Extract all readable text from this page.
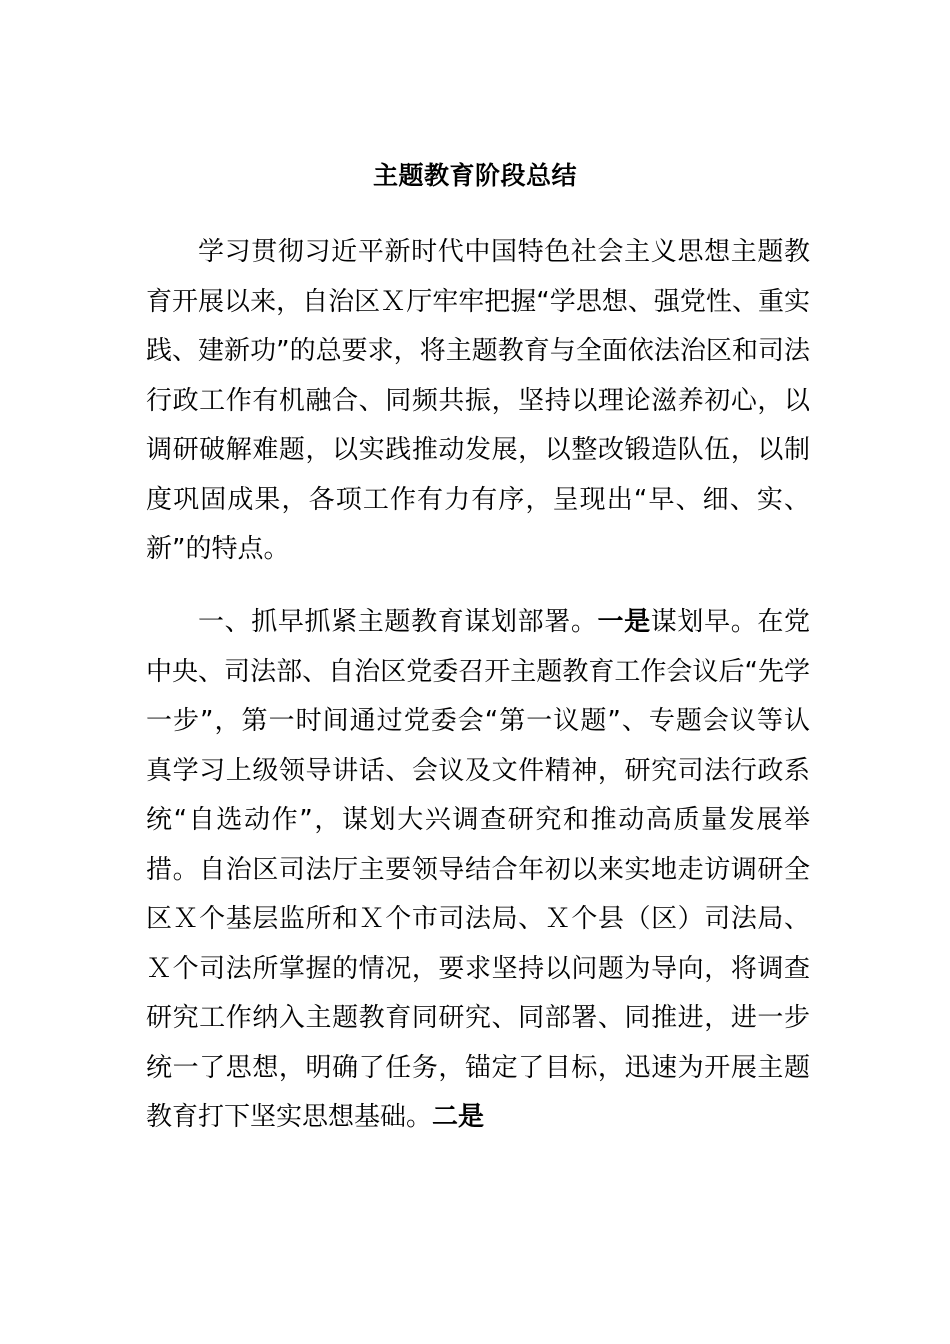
主题教育阶段总结

学习贯彻习近平新时代中国特色社会主义思想主题教育开展以来，自治区Ｘ厅牢牢把握“学思想、强党性、重实践、建新功”的总要求，将主题教育与全面依法治区和司法行政工作有机融合、同频共振，坚持以理论滋养初心，以调研破解难题，以实践推动发展，以整改锻造队伍，以制度巩固成果，各项工作有力有序，呈现出“早、细、实、新”的特点。

一、抓早抓紧主题教育谋划部署。一是谋划早。在党中央、司法部、自治区党委召开主题教育工作会议后“先学一步”，第一时间通过党委会“第一议题”、专题会议等认真学习上级领导讲话、会议及文件精神，研究司法行政系统“自选动作”，谋划大兴调查研究和推动高质量发展举措。自治区司法厅主要领导结合年初以来实地走访调研全区Ｘ个基层监所和Ｘ个市司法局、Ｘ个县（区）司法局、Ｘ个司法所掌握的情况，要求坚持以问题为导向，将调查研究工作纳入主题教育同研究、同部署、同推进，进一步统一了思想，明确了任务，锚定了目标，迅速为开展主题教育打下坚实思想基础。二是
